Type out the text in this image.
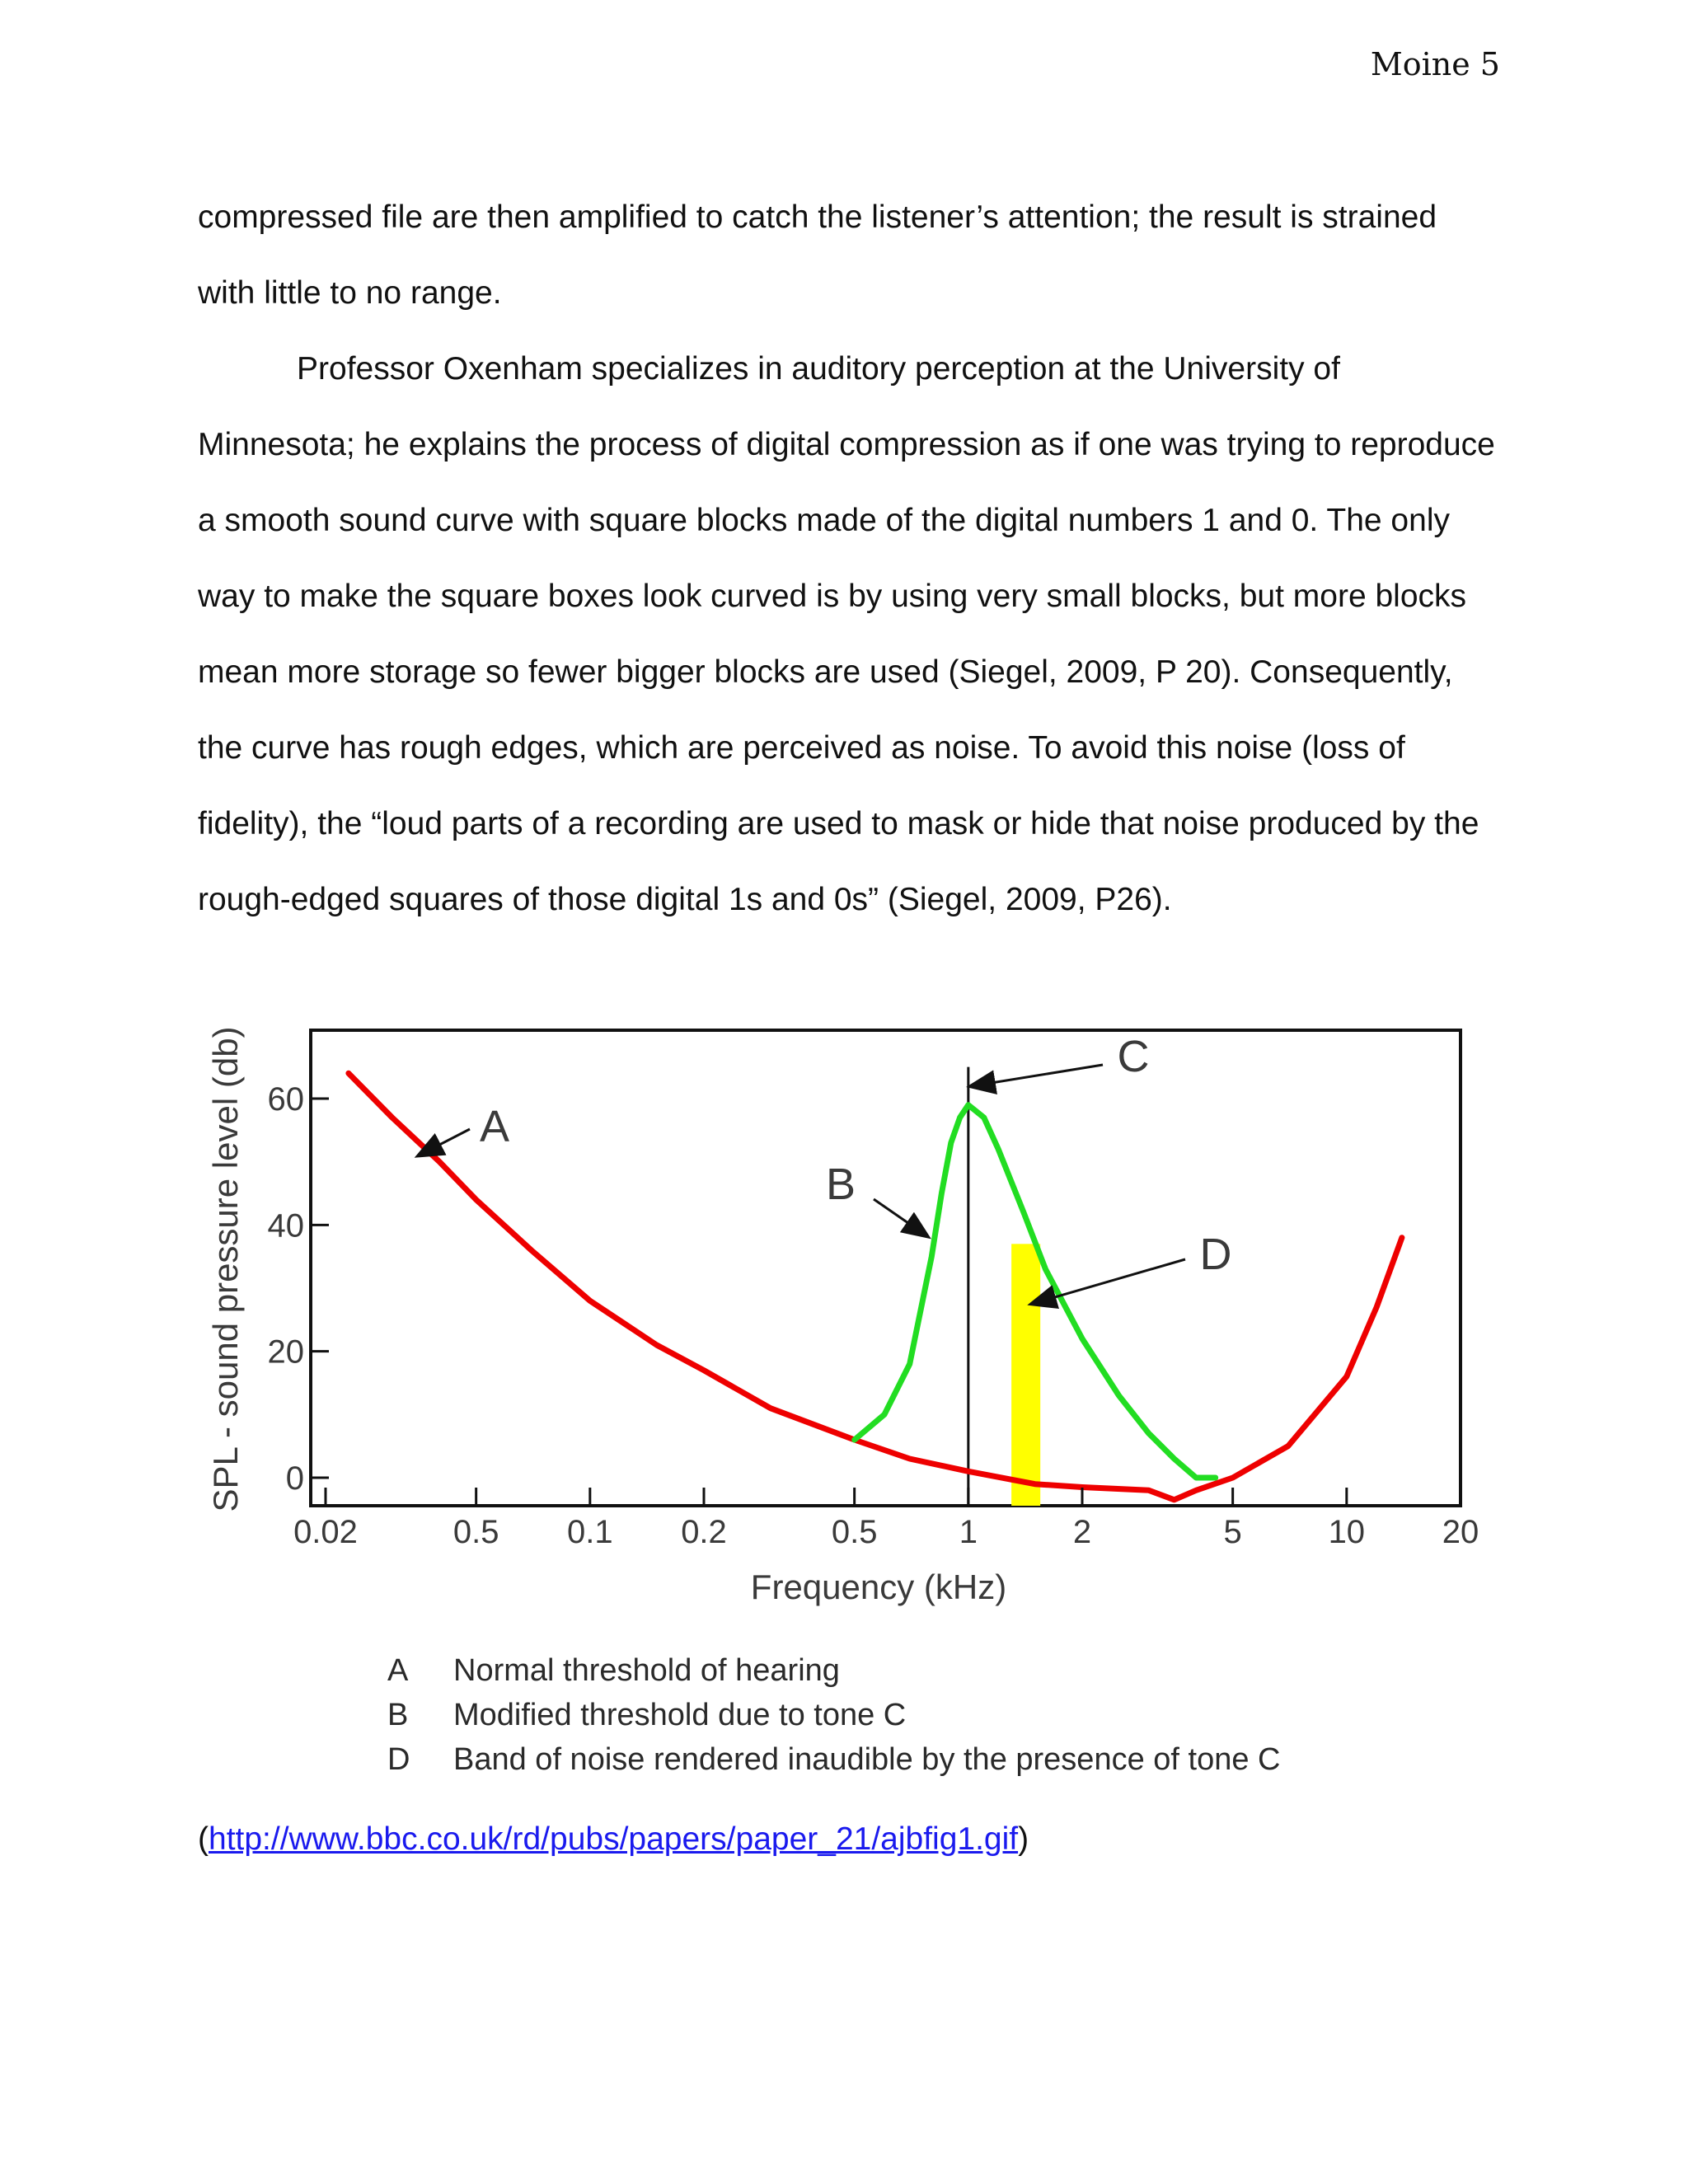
Moine 5

compressed file are then amplified to catch the listener’s attention; the result is strained with little to no range.

Professor Oxenham specializes in auditory perception at the University of Minnesota; he explains the process of digital compression as if one was trying to reproduce a smooth sound curve with square blocks made of the digital numbers 1 and 0. The only way to make the square boxes look curved is by using very small blocks, but more blocks mean more storage so fewer bigger blocks are used (Siegel, 2009, P 20). Consequently, the curve has rough edges, which are perceived as noise. To avoid this noise (loss of fidelity), the “loud parts of a recording are used to mask or hide that noise produced by the rough-edged squares of those digital 1s and 0s” (Siegel, 2009, P26).

SPL - sound pressure level (db)
Frequency (kHz)
0
20
40
60
0.02	0.5 0.1 0.2	0.5 1	2	5	10 20
A
B
C
D
A	Normal threshold of hearing
B	Modified threshold due to tone C
D	Band of noise rendered inaudible by the presence of tone C
(http://www.bbc.co.uk/rd/pubs/papers/paper_21/ajbfig1.gif)
